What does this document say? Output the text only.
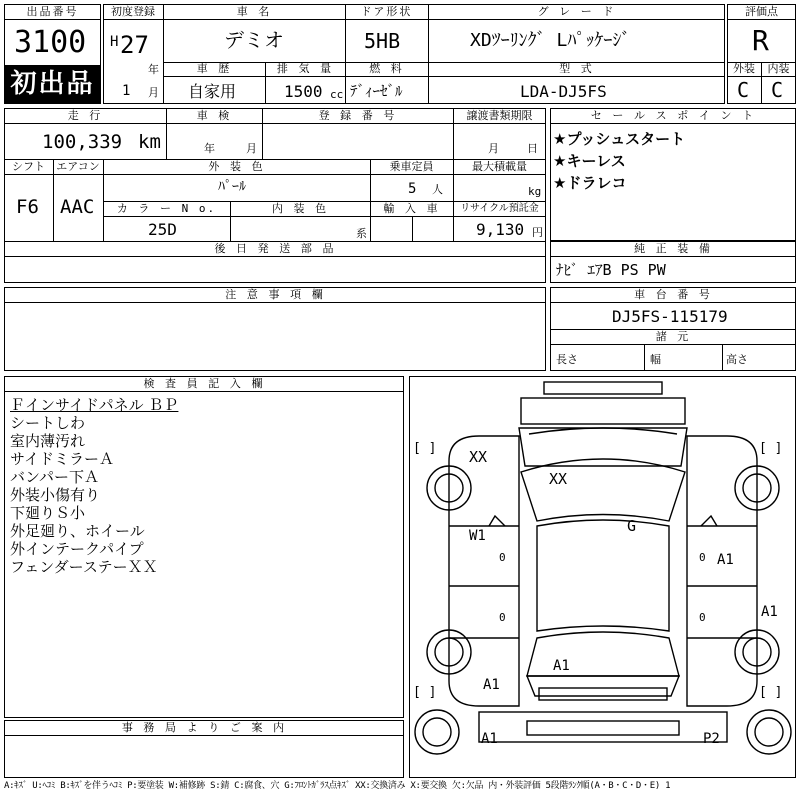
出品番号
3100
初出品
初度登録
H 27
年
1 月
車 名
デミオ
ドア形状
5HB
グ レ ー ド
XDﾂｰﾘﾝｸﾞ Lﾊﾟｯｹｰｼﾞ
車 歴
自家用
排 気 量
1500 cc
燃 料
ﾃﾞｨｰｾﾞﾙ
型 式
LDA-DJ5FS
評価点
R
外装	内装
C C
走 行
100,339 km
車 検
年	月
登 録 番 号	譲渡書類期限
月	日
シフト
F6
エアコン
AAC
外 装 色
ﾊﾟｰﾙ
乗車定員
5 人
最大積載量
kg
カ ラ ー N o.
25D
内 装 色
系
輸 入 車	リサイクル預託金
9,130 円
後 日 発 送 部 品
セ ー ル ス ポ イ ン ト
★プッシュスタート
★キーレス
★ドラレコ
純 正 装 備
ﾅﾋﾞ ｴｱB PS PW
注 意 事 項 欄	車 台 番 号
DJ5FS-115179
諸 元
長さ	幅	高さ
検 査 員 記 入 欄
Ｆインサイドパネル ＢＰ
シートしわ
室内薄汚れ
サイドミラーＡ
バンパー下Ａ
外装小傷有り
下廻りＳ小
外足廻り、ホイール
外インテークパイプ
フェンダーステーＸＸ
事 務 局 よ り ご 案 内
[ ]	[ ]
[ ]	[ ]
XX
XX
W1
G
A1
A1
A1
A1
A1	P2
0
0
0
0
A:ｷｽﾞ U:ﾍｺﾐ B:ｷｽﾞを伴うﾍｺﾐ P:要塗装 W:補修跡 S:錆 C:腐食、穴 G:ﾌﾛﾝﾄｶﾞﾗｽ点ｷｽﾞ XX:交換済み X:要交換 欠:欠品 内・外装評価 5段階ﾗﾝｸ順(A・B・C・D・E) 1
